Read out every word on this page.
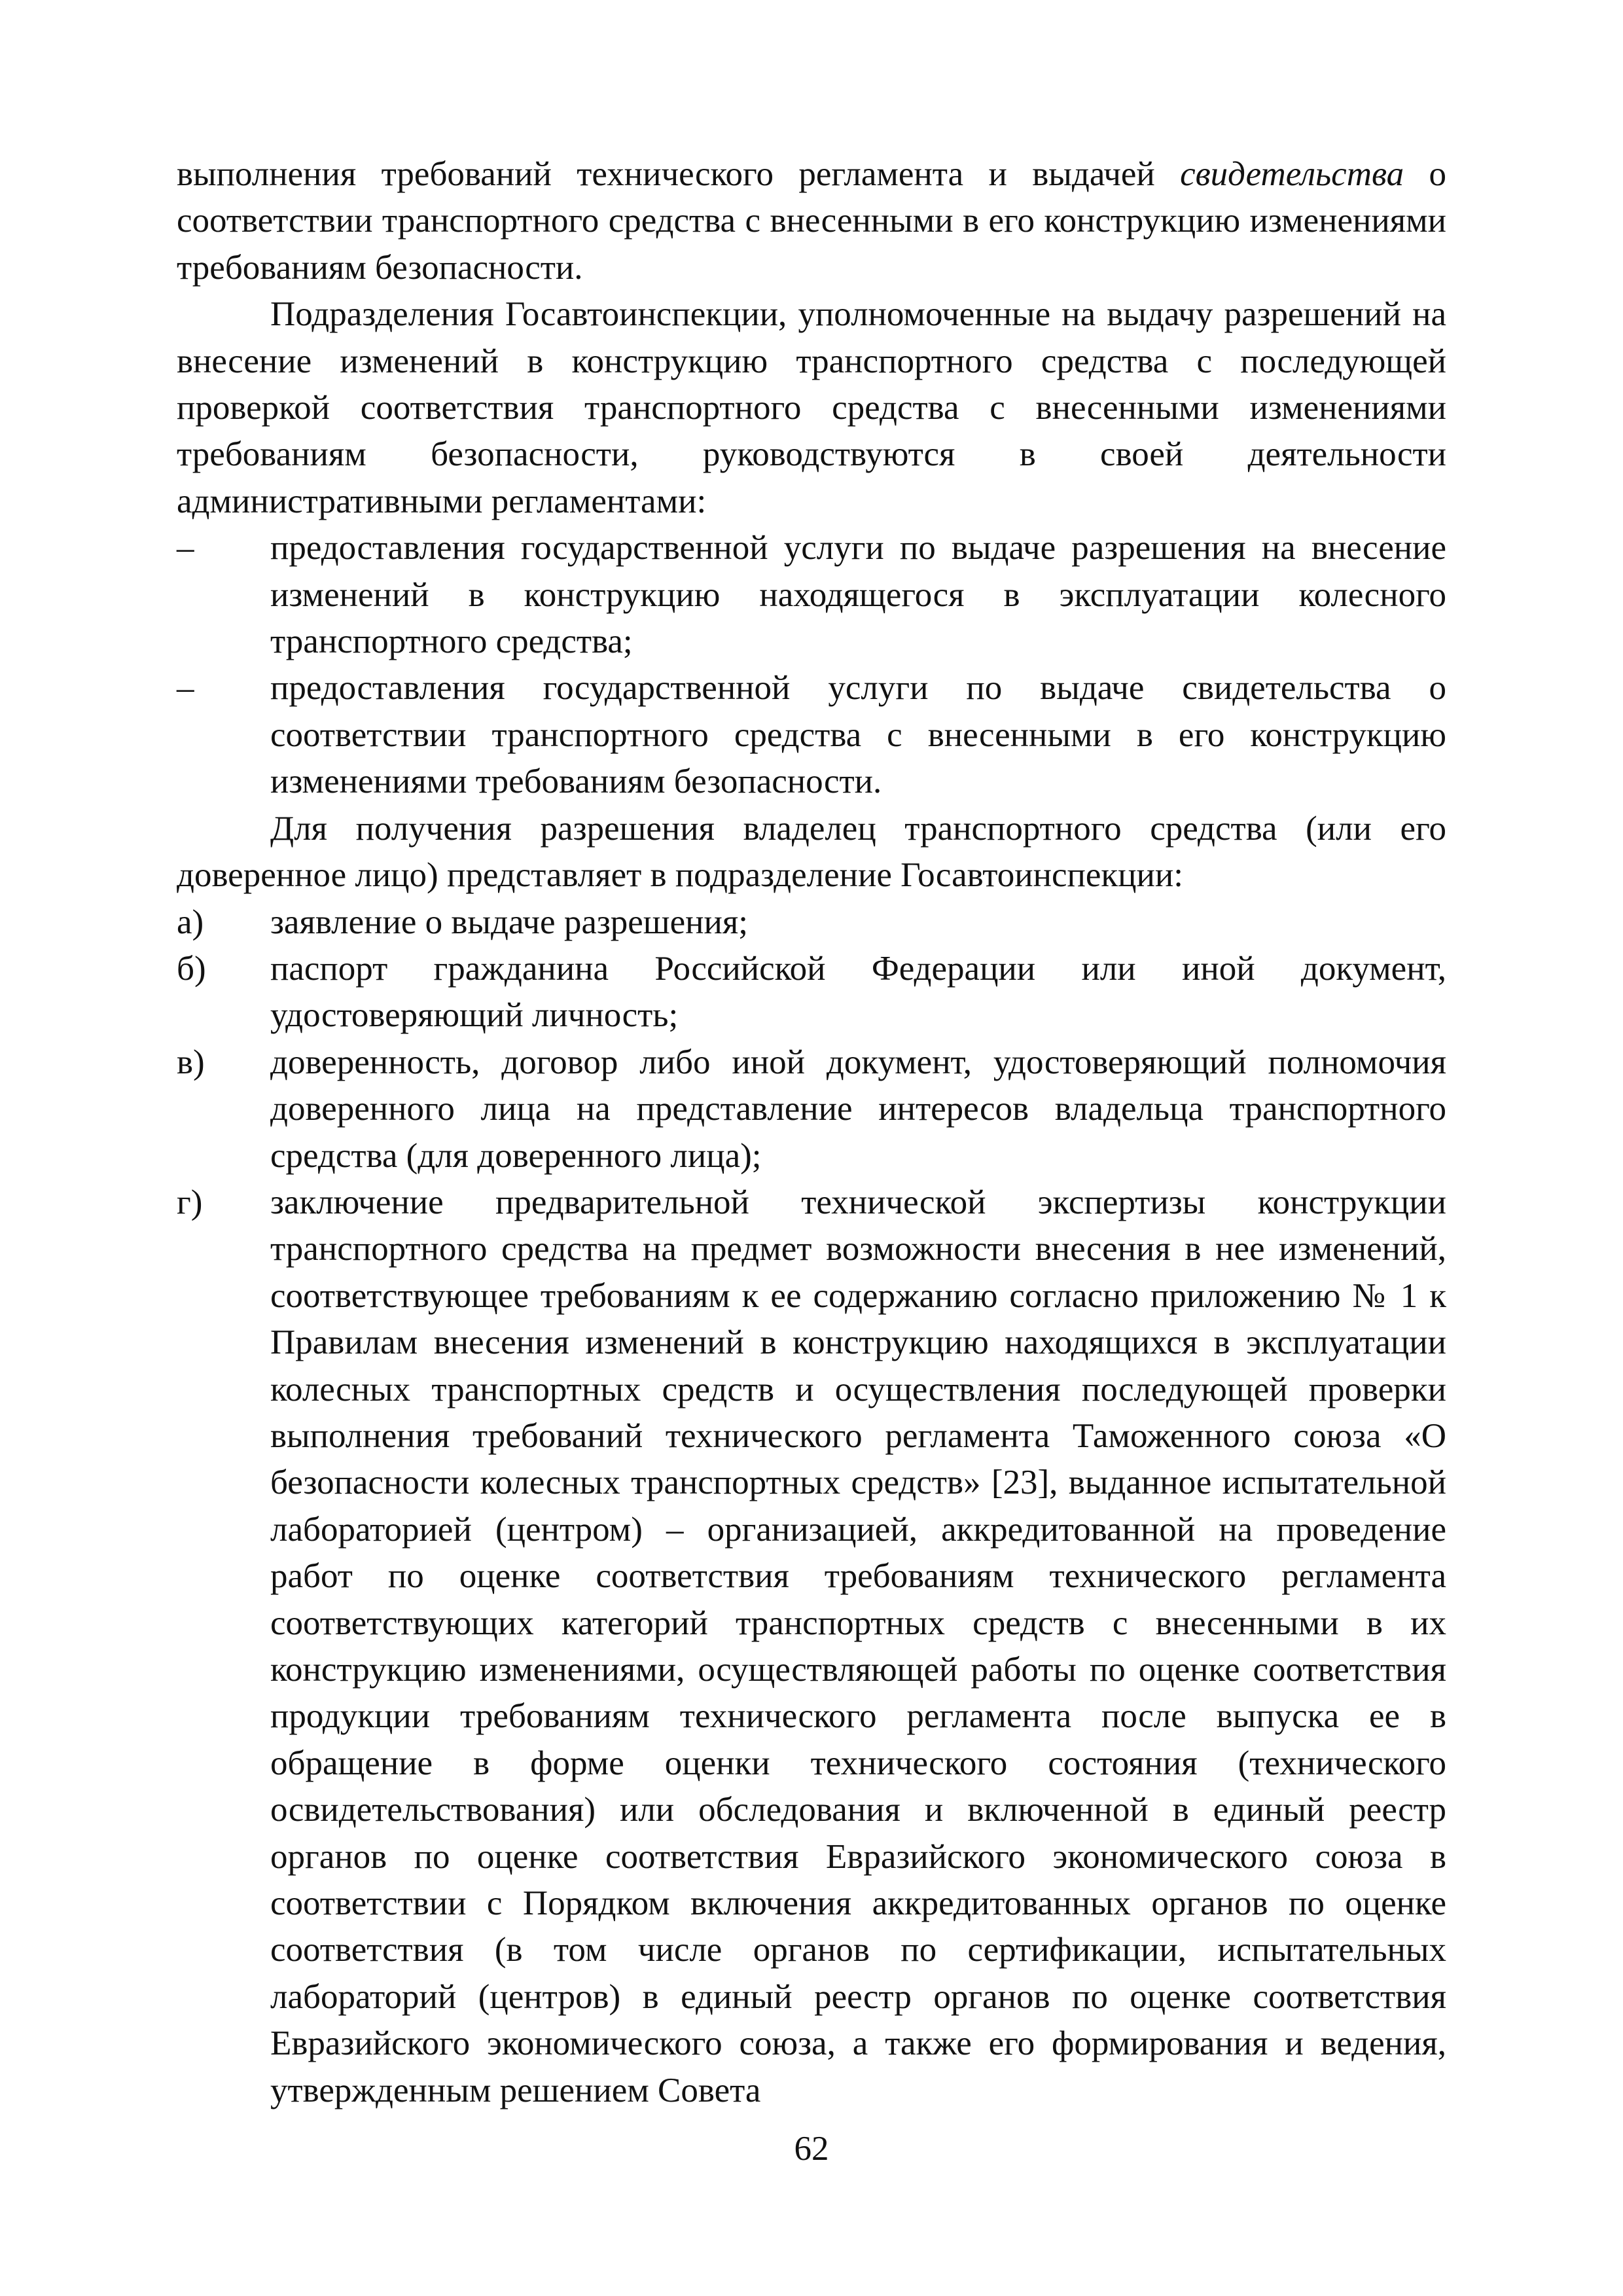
выполнения требований технического регламента и выдачей свидетельства о соответствии транспортного средства с внесенными в его конструкцию изменениями требованиям безопасности.

Подразделения Госавтоинспекции, уполномоченные на выдачу разрешений на внесение изменений в конструкцию транспортного средства с последующей проверкой соответствия транспортного средства с внесенными изменениями требованиям безопасности, руководствуются в своей деятельности административными регламентами:

– предоставления государственной услуги по выдаче разрешения на внесение изменений в конструкцию находящегося в эксплуатации колесного транспортного средства;
– предоставления государственной услуги по выдаче свидетельства о соответствии транспортного средства с внесенными в его конструкцию изменениями требованиям безопасности.

Для получения разрешения владелец транспортного средства (или его доверенное лицо) представляет в подразделение Госавтоинспекции:

а) заявление о выдаче разрешения;
б) паспорт гражданина Российской Федерации или иной документ, удостоверяющий личность;
в) доверенность, договор либо иной документ, удостоверяющий полномочия доверенного лица на представление интересов владельца транспортного средства (для доверенного лица);
г) заключение предварительной технической экспертизы конструкции транспортного средства на предмет возможности внесения в нее изменений, соответствующее требованиям к ее содержанию согласно приложению № 1 к Правилам внесения изменений в конструкцию находящихся в эксплуатации колесных транспортных средств и осуществления последующей проверки выполнения требований технического регламента Таможенного союза «О безопасности колесных транспортных средств» [23], выданное испытательной лабораторией (центром) – организацией, аккредитованной на проведение работ по оценке соответствия требованиям технического регламента соответствующих категорий транспортных средств с внесенными в их конструкцию изменениями, осуществляющей работы по оценке соответствия продукции требованиям технического регламента после выпуска ее в обращение в форме оценки технического состояния (технического освидетельствования) или обследования и включенной в единый реестр органов по оценке соответствия Евразийского экономического союза в соответствии с Порядком включения аккредитованных органов по оценке соответствия (в том числе органов по сертификации, испытательных лабораторий (центров) в единый реестр органов по оценке соответствия Евразийского экономического союза, а также его формирования и ведения, утвержденным решением Совета
62
